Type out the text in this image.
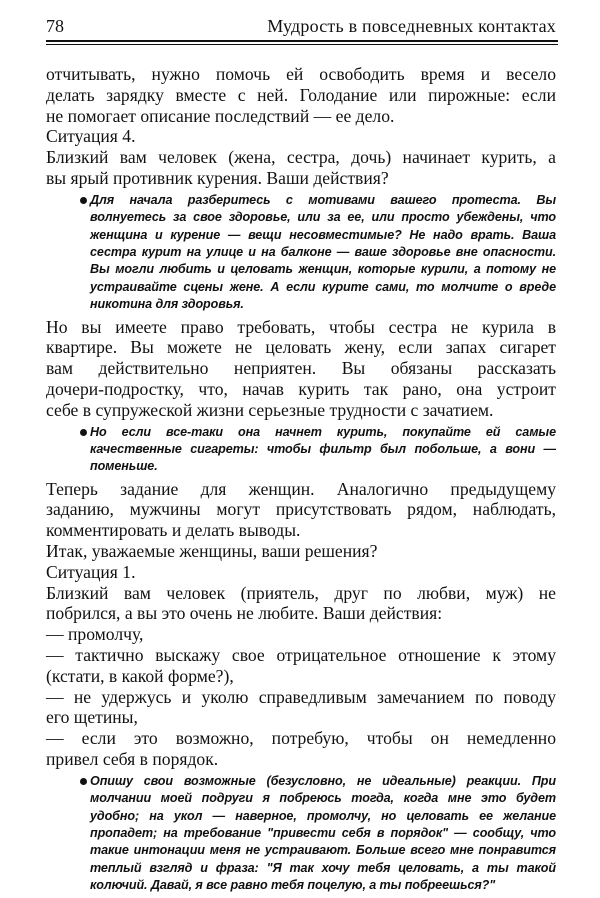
78	Мудрость в повседневных контактах
отчитывать, нужно помочь ей освободить время и весело
делать зарядку вместе с ней. Голодание или пирожные: если
не помогает описание последствий — ее дело.
Ситуация 4.
Близкий вам человек (жена, сестра, дочь) начинает курить, а
вы ярый противник курения. Ваши действия?
Для начала разберитесь с мотивами вашего протеста. Вы
волнуетесь за свое здоровье, или за ее, или просто убеждены, что
женщина и курение — вещи несовместимые? Не надо врать. Ваша
сестра курит на улице и на балконе — ваше здоровье вне опасности.
Вы могли любить и целовать женщин, которые курили, а потому не
устраивайте сцены жене. А если курите сами, то молчите о вреде
никотина для здоровья.
Но вы имеете право требовать, чтобы сестра не курила в
квартире. Вы можете не целовать жену, если запах сигарет
вам действительно неприятен. Вы обязаны рассказать
дочери-подростку, что, начав курить так рано, она устроит
себе в супружеской жизни серьезные трудности с зачатием.
Но если все-таки она начнет курить, покупайте ей самые
качественные сигареты: чтобы фильтр был побольше, а вони —
поменьше.
Теперь задание для женщин. Аналогично предыдущему
заданию, мужчины могут присутствовать рядом, наблюдать,
комментировать и делать выводы.
Итак, уважаемые женщины, ваши решения?
Ситуация 1.
Близкий вам человек (приятель, друг по любви, муж) не
побрился, а вы это очень не любите. Ваши действия:
— промолчу,
— тактично выскажу свое отрицательное отношение к этому
(кстати, в какой форме?),
— не удержусь и уколю справедливым замечанием по поводу
его щетины,
— если это возможно, потребую, чтобы он немедленно
привел себя в порядок.
Опишу свои возможные (безусловно, не идеальные) реакции. При
молчании моей подруги я побреюсь тогда, когда мне это будет
удобно; на укол — наверное, промолчу, но целовать ее желание
пропадет; на требование "привести себя в порядок" — сообщу, что
такие интонации меня не устраивают. Больше всего мне понравится
теплый взгляд и фраза: "Я так хочу тебя целовать, а ты такой
колючий. Давай, я все равно тебя поцелую, а ты побреешься?"
